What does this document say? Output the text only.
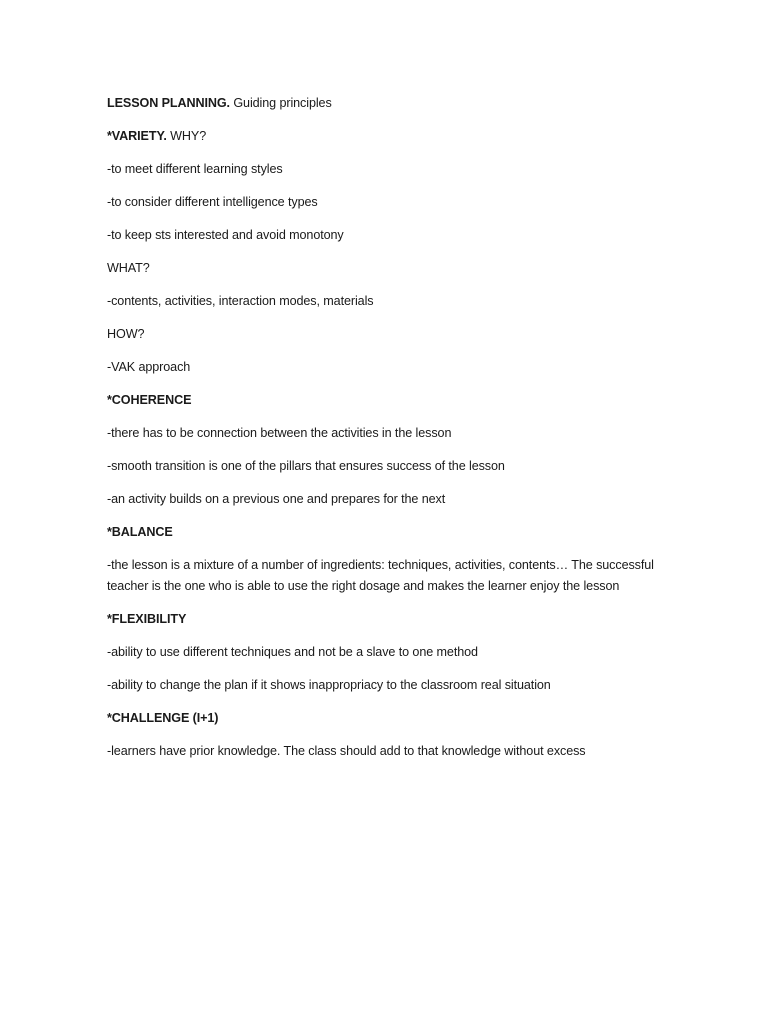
LESSON PLANNING. Guiding principles

*VARIETY. WHY?

-to meet different learning styles

-to consider different intelligence types

-to keep sts interested and avoid monotony

WHAT?

-contents, activities, interaction modes, materials

HOW?

-VAK approach

*COHERENCE

-there has to be connection between the activities in the lesson

-smooth transition is one of the pillars that ensures success of the lesson

-an activity builds on a previous one and prepares for the next

*BALANCE

-the lesson is a mixture of a number of ingredients: techniques, activities, contents… The successful teacher is the one who is able to use the right dosage and makes the learner enjoy the lesson

*FLEXIBILITY

-ability to use different techniques and not be a slave to one method

-ability to change the plan if it shows inappropriacy to the classroom real situation

*CHALLENGE (I+1)

-learners have prior knowledge. The class should add to that knowledge without excess
